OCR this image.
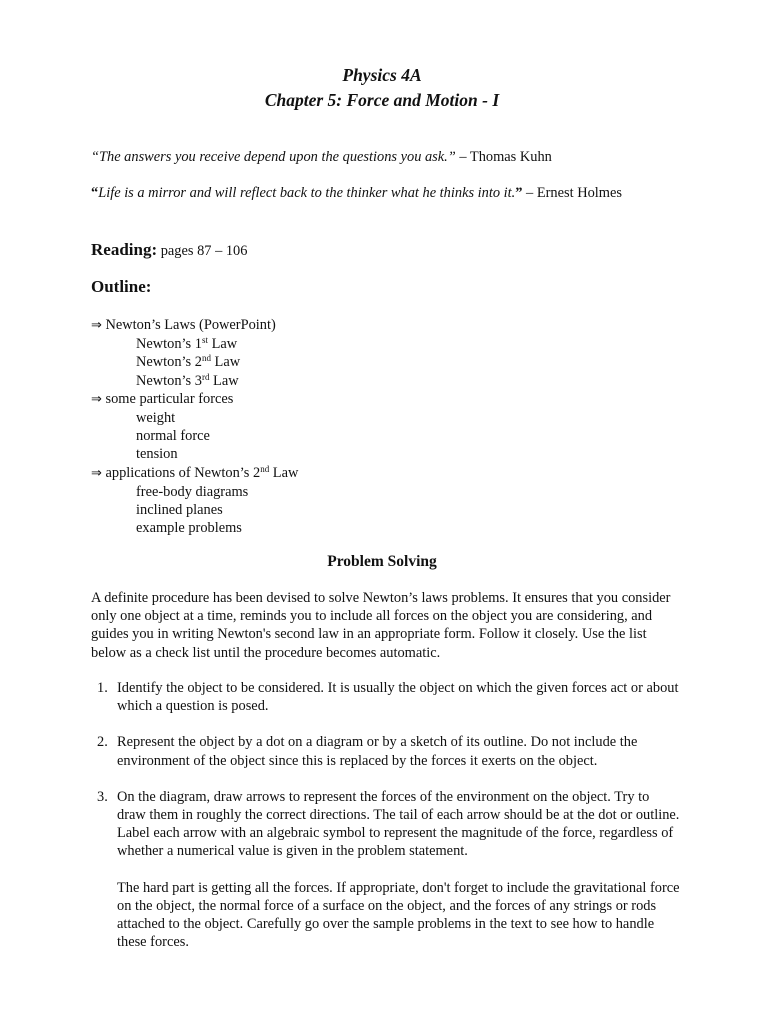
Physics 4A
Chapter 5: Force and Motion - I
“The answers you receive depend upon the questions you ask.” – Thomas Kuhn
“Life is a mirror and will reflect back to the thinker what he thinks into it.” – Ernest Holmes
Reading: pages 87 – 106
Outline:
⇒ Newton’s Laws (PowerPoint)
Newton’s 1st Law
Newton’s 2nd Law
Newton’s 3rd Law
⇒ some particular forces
weight
normal force
tension
⇒ applications of Newton’s 2nd Law
free-body diagrams
inclined planes
example problems
Problem Solving

A definite procedure has been devised to solve Newton’s laws problems. It ensures that you consider only one object at a time, reminds you to include all forces on the object you are considering, and guides you in writing Newton's second law in an appropriate form. Follow it closely. Use the list below as a check list until the procedure becomes automatic.

1. Identify the object to be considered. It is usually the object on which the given forces act or about which a question is posed.

2. Represent the object by a dot on a diagram or by a sketch of its outline. Do not include the environment of the object since this is replaced by the forces it exerts on the object.

3. On the diagram, draw arrows to represent the forces of the environment on the object. Try to draw them in roughly the correct directions. The tail of each arrow should be at the dot or outline. Label each arrow with an algebraic symbol to represent the magnitude of the force, regardless of whether a numerical value is given in the problem statement.

The hard part is getting all the forces. If appropriate, don't forget to include the gravitational force on the object, the normal force of a surface on the object, and the forces of any strings or rods attached to the object. Carefully go over the sample problems in the text to see how to handle these forces.
